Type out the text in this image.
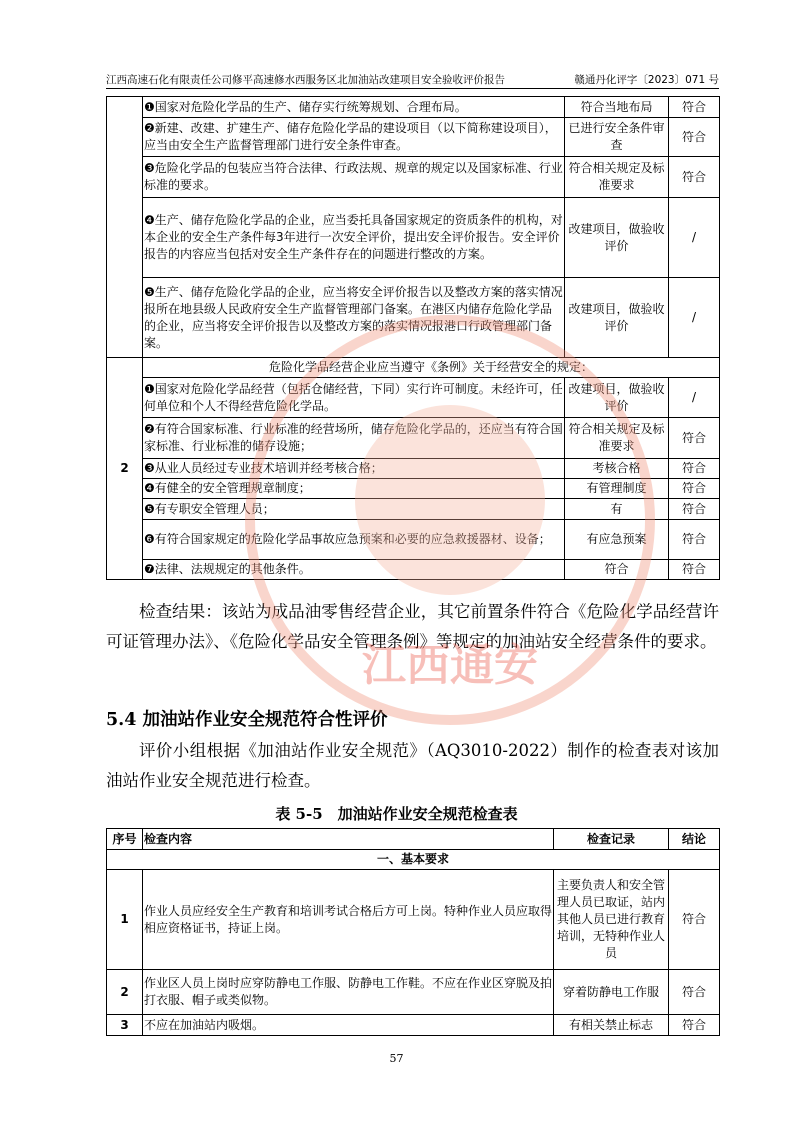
江西高速石化有限责任公司修平高速修水西服务区北加油站改建项目安全验收评价报告	赣通丹化评字〔2023〕071 号
	❶国家对危险化学品的生产、储存实行统筹规划、合理布局。	符合当地布局	符合
	❷新建、改建、扩建生产、储存危险化学品的建设项目（以下简称建设项目），应当由安全生产监督管理部门进行安全条件审查。	已进行安全条件审查	符合
	❸危险化学品的包装应当符合法律、行政法规、规章的规定以及国家标准、行业标准的要求。	符合相关规定及标准要求	符合
	❹生产、储存危险化学品的企业，应当委托具备国家规定的资质条件的机构，对本企业的安全生产条件每3年进行一次安全评价，提出安全评价报告。安全评价报告的内容应当包括对安全生产条件存在的问题进行整改的方案。	改建项目，做验收评价	/
	❺生产、储存危险化学品的企业，应当将安全评价报告以及整改方案的落实情况报所在地县级人民政府安全生产监督管理部门备案。在港区内储存危险化学品的企业，应当将安全评价报告以及整改方案的落实情况报港口行政管理部门备案。	改建项目，做验收评价	/
2	危险化学品经营企业应当遵守《条例》关于经营安全的规定：		
	❶国家对危险化学品经营（包括仓储经营，下同）实行许可制度。未经许可，任何单位和个人不得经营危险化学品。	改建项目，做验收评价	/
	❷有符合国家标准、行业标准的经营场所，储存危险化学品的，还应当有符合国家标准、行业标准的储存设施；	符合相关规定及标准要求	符合
	❸从业人员经过专业技术培训并经考核合格；	考核合格	符合
	❹有健全的安全管理规章制度；	有管理制度	符合
	❺有专职安全管理人员；	有	符合
	❻有符合国家规定的危险化学品事故应急预案和必要的应急救援器材、设备；	有应急预案	符合
	❼法律、法规规定的其他条件。	符合	符合
检查结果：该站为成品油零售经营企业，其它前置条件符合《危险化学品经营许可证管理办法》、《危险化学品安全管理条例》等规定的加油站安全经营条件的要求。
5.4 加油站作业安全规范符合性评价
评价小组根据《加油站作业安全规范》（AQ3010-2022）制作的检查表对该加油站作业安全规范进行检查。
表 5-5　加油站作业安全规范检查表
序号	检查内容	检查记录	结论
一、基本要求			
1	作业人员应经安全生产教育和培训考试合格后方可上岗。特种作业人员应取得相应资格证书，持证上岗。	主要负责人和安全管理人员已取证，站内其他人员已进行教育培训，无特种作业人员	符合
2	作业区人员上岗时应穿防静电工作服、防静电工作鞋。不应在作业区穿脱及拍打衣服、帽子或类似物。	穿着防静电工作服	符合
3	不应在加油站内吸烟。	有相关禁止标志	符合
57
江西通安
